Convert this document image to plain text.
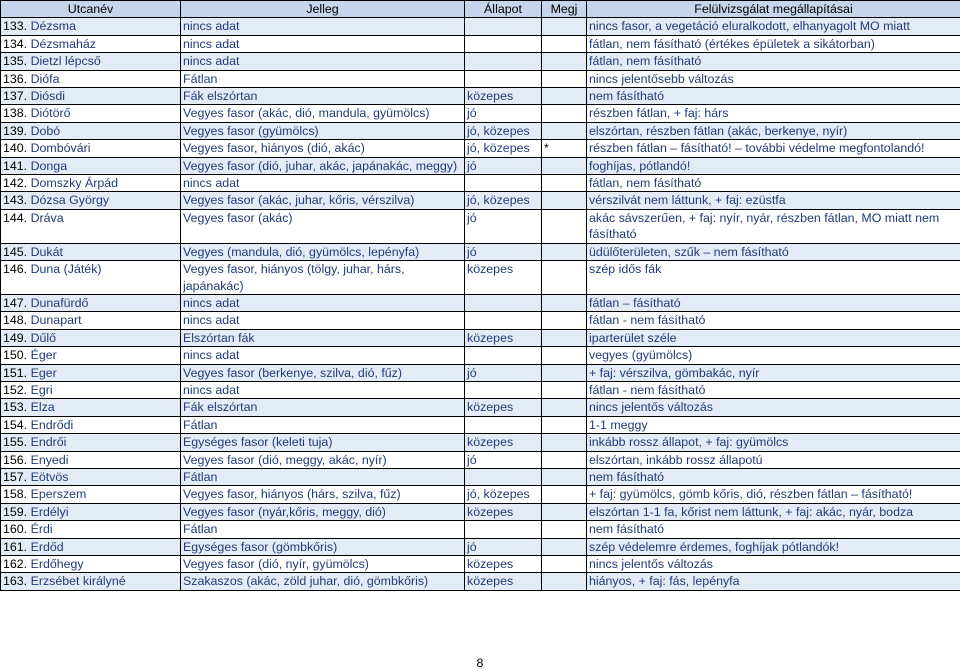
Utcanév	Jelleg	Állapot	Megj	Felülvizsgálat megállapításai
133. Dézsma	nincs adat			nincs fasor, a vegetáció eluralkodott, elhanyagolt MO miatt
134. Dézsmaház	nincs adat			fátlan, nem fásítható (értékes épületek a sikátorban)
135. Dietzl lépcső	nincs adat			fátlan, nem fásítható
136. Diófa	Fátlan			nincs jelentősebb változás
137. Diósdi	Fák elszórtan	közepes		nem fásítható
138. Diótörő	Vegyes fasor (akác, dió, mandula, gyümölcs)	jó		részben fátlan, + faj: hárs
139. Dobó	Vegyes fasor (gyümölcs)	jó, közepes		elszórtan, részben fátlan (akác, berkenye, nyír)
140. Dombóvári	Vegyes fasor, hiányos (dió, akác)	jó, közepes	*	részben fátlan – fásítható! – további védelme megfontolandó!
141. Donga	Vegyes fasor (dió, juhar, akác, japánakác, meggy)	jó		foghíjas, pótlandó!
142. Domszky Árpád	nincs adat			fátlan, nem fásítható
143. Dózsa György	Vegyes fasor (akác, juhar, kőris, vérszilva)	jó, közepes		vérszilvát nem láttunk, + faj: ezüstfa
144. Dráva	Vegyes fasor (akác)	jó		akác sávszerűen, + faj: nyír, nyár, részben fátlan, MO miatt nem fásítható
145. Dukát	Vegyes (mandula, dió, gyümölcs, lepényfa)	jó		üdülőterületen, szűk – nem fásítható
146. Duna (Játék)	Vegyes fasor, hiányos (tölgy, juhar, hárs, japánakác)	közepes		szép idős fák
147. Dunafürdő	nincs adat			fátlan – fásítható
148. Dunapart	nincs adat			fátlan - nem fásítható
149. Dűlő	Elszórtan fák	közepes		iparterület széle
150. Éger	nincs adat			vegyes (gyümölcs)
151. Eger	Vegyes fasor (berkenye, szilva, dió, fűz)	jó		+ faj: vérszilva, gömbakác, nyír
152. Egri	nincs adat			fátlan - nem fásítható
153. Elza	Fák elszórtan	közepes		nincs jelentős változás
154. Endrődi	Fátlan			1-1 meggy
155. Endrői	Egységes fasor (keleti tuja)	közepes		inkább rossz állapot, + faj: gyümölcs
156. Enyedi	Vegyes fasor (dió, meggy, akác, nyír)	jó		elszórtan, inkább rossz állapotú
157. Eötvös	Fátlan			nem fásítható
158. Eperszem	Vegyes fasor, hiányos (hárs, szilva, fűz)	jó, közepes		+ faj: gyümölcs, gömb kőris, dió, részben fátlan – fásítható!
159. Erdélyi	Vegyes fasor (nyár,kőris, meggy, dió)	közepes		elszórtan 1-1 fa, kőrist nem láttunk, + faj: akác, nyár, bodza
160. Érdi	Fátlan			nem fásítható
161. Erdőd	Egységes fasor (gömbkőris)	jó		szép védelemre érdemes, foghíjak pótlandók!
162. Erdőhegy	Vegyes fasor (dió, nyír, gyümölcs)	közepes		nincs jelentős változás
163. Erzsébet királyné	Szakaszos (akác, zöld juhar, dió, gömbkőris)	közepes		hiányos, + faj: fás, lepényfa
8
